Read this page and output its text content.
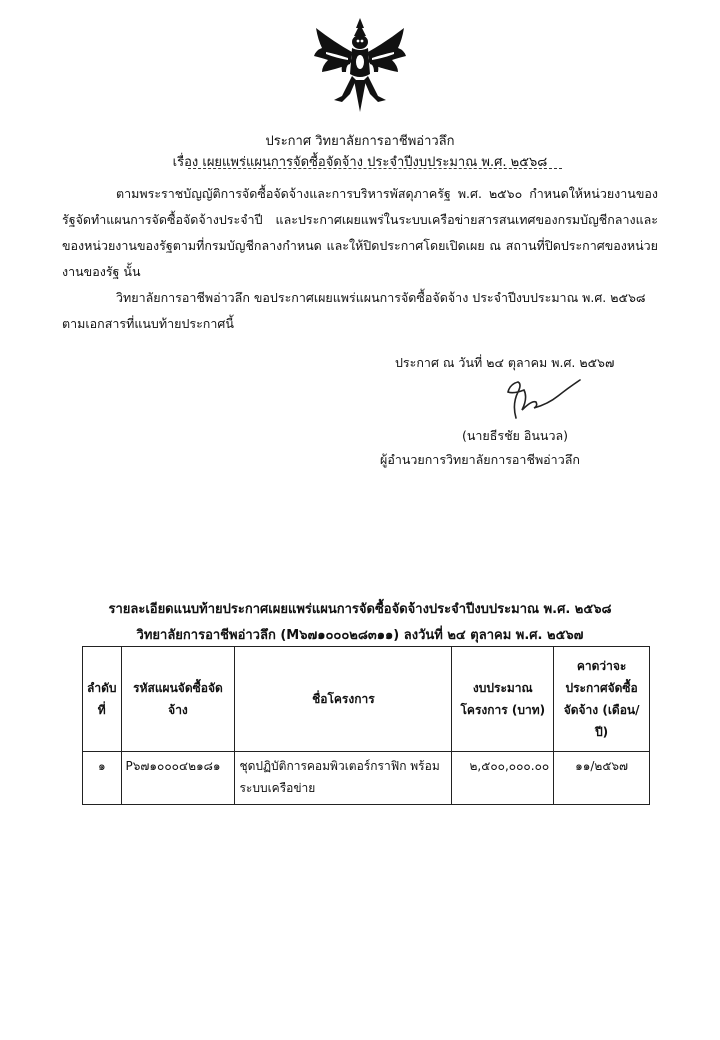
ประกาศ วิทยาลัยการอาชีพอ่าวลึก
เรื่อง เผยแพร่แผนการจัดซื้อจัดจ้าง ประจำปีงบประมาณ พ.ศ. ๒๕๖๘
ตามพระราชบัญญัติการจัดซื้อจัดจ้างและการบริหารพัสดุภาครัฐ พ.ศ. ๒๕๖๐ กำหนดให้หน่วยงานของรัฐจัดทำแผนการจัดซื้อจัดจ้างประจำปี และประกาศเผยแพร่ในระบบเครือข่ายสารสนเทศของกรมบัญชีกลางและของหน่วยงานของรัฐตามที่กรมบัญชีกลางกำหนด และให้ปิดประกาศโดยเปิดเผย ณ สถานที่ปิดประกาศของหน่วยงานของรัฐ นั้น
วิทยาลัยการอาชีพอ่าวลึก ขอประกาศเผยแพร่แผนการจัดซื้อจัดจ้าง ประจำปีงบประมาณ พ.ศ. ๒๕๖๘ ตามเอกสารที่แนบท้ายประกาศนี้
ประกาศ ณ วันที่ ๒๔ ตุลาคม พ.ศ. ๒๕๖๗
(นายธีรชัย อินนวล)
ผู้อำนวยการวิทยาลัยการอาชีพอ่าวลึก
รายละเอียดแนบท้ายประกาศเผยแพร่แผนการจัดซื้อจัดจ้างประจำปีงบประมาณ พ.ศ. ๒๕๖๘
วิทยาลัยการอาชีพอ่าวลึก (M๖๗๑๐๐๐๒๘๓๑๑) ลงวันที่ ๒๔ ตุลาคม พ.ศ. ๒๕๖๗
ลำดับที่	รหัสแผนจัดซื้อจัดจ้าง	ชื่อโครงการ	งบประมาณโครงการ (บาท)	คาดว่าจะประกาศจัดซื้อจัดจ้าง (เดือน/ปี)
๑	P๖๗๑๐๐๐๔๒๑๘๑	ชุดปฏิบัติการคอมพิวเตอร์กราฟิก พร้อมระบบเครือข่าย	๒,๕๐๐,๐๐๐.๐๐	๑๑/๒๕๖๗
